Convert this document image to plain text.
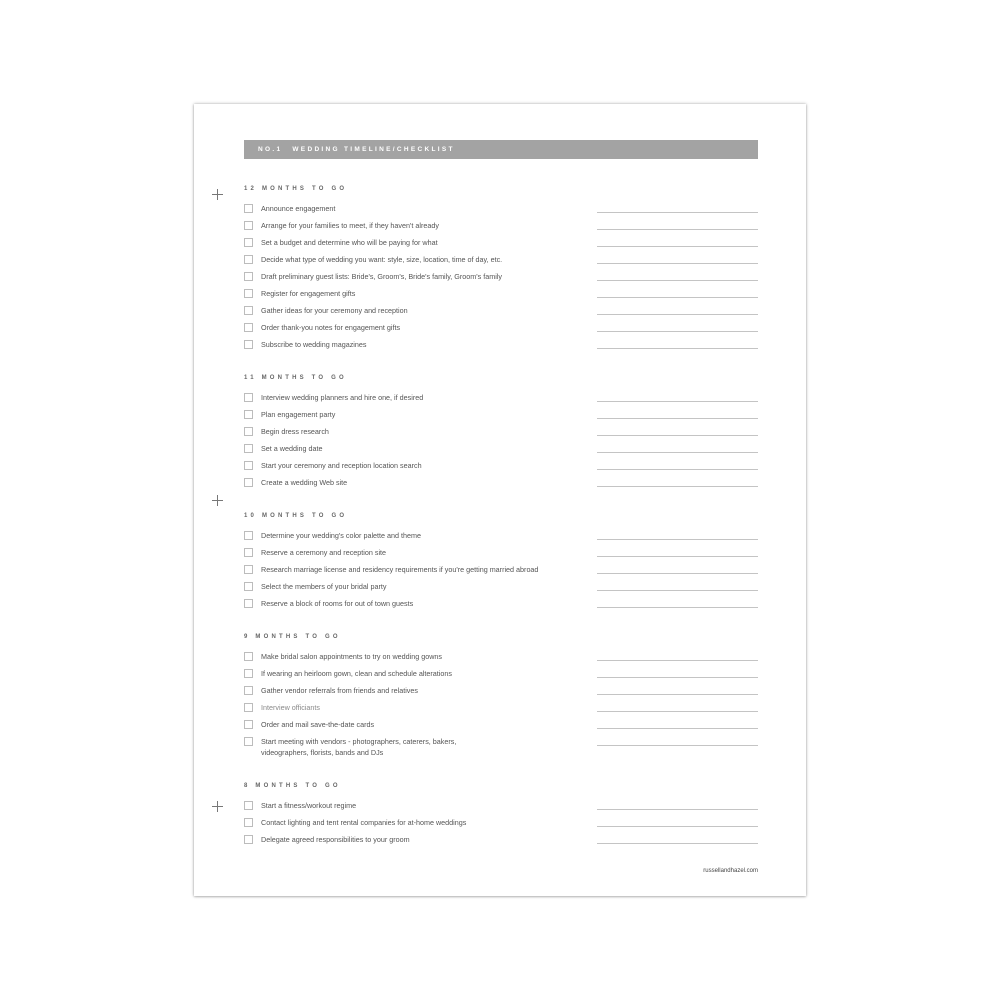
NO.1 WEDDING TIMELINE/CHECKLIST
12 MONTHS TO GO
Announce engagement
Arrange for your families to meet, if they haven't already
Set a budget and determine who will be paying for what
Decide what type of wedding you want: style, size, location, time of day, etc.
Draft preliminary guest lists: Bride's, Groom's, Bride's family, Groom's family
Register for engagement gifts
Gather ideas for your ceremony and reception
Order thank-you notes for engagement gifts
Subscribe to wedding magazines
11 MONTHS TO GO
Interview wedding planners and hire one, if desired
Plan engagement party
Begin dress research
Set a wedding date
Start your ceremony and reception location search
Create a wedding Web site
10 MONTHS TO GO
Determine your wedding's color palette and theme
Reserve a ceremony and reception site
Research marriage license and residency requirements if you're getting married abroad
Select the members of your bridal party
Reserve a block of rooms for out of town guests
9 MONTHS TO GO
Make bridal salon appointments to try on wedding gowns
If wearing an heirloom gown, clean and schedule alterations
Gather vendor referrals from friends and relatives
Interview officiants
Order and mail save-the-date cards
Start meeting with vendors - photographers, caterers, bakers,
videographers, florists, bands and DJs
8 MONTHS TO GO
Start a fitness/workout regime
Contact lighting and tent rental companies for at-home weddings
Delegate agreed responsibilities to your groom
russellandhazel.com
